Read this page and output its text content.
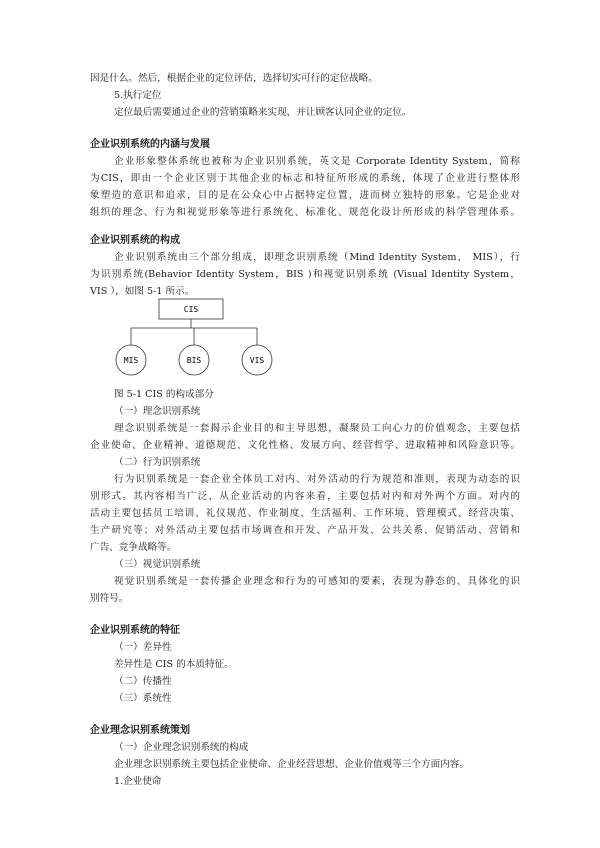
因是什么。然后，根据企业的定位评估，选择切实可行的定位战略。
5.执行定位
定位最后需要通过企业的营销策略来实现，并让顾客认同企业的定位。
企业识别系统的内涵与发展
企业形象整体系统也被称为企业识别系统，英文是 Corporate Identity System，简称
为CIS，即由一个企业区别于其他企业的标志和特征所形成的系统，体现了企业进行整体形
象塑造的意识和追求，目的是在公众心中占据特定位置，进而树立独特的形象。它是企业对
组织的理念、行为和视觉形象等进行系统化、标准化、规范化设计所形成的科学管理体系。
企业识别系统的构成
企业识别系统由三个部分组成，即理念识别系统（Mind Identity System， MIS），行
为识别系统(Behavior Identity System，BIS )和视觉识别系统 (Visual Identity System，
VIS ），如图 5-1 所示。
CIS
MIS	BIS	VIS
图 5-1 CIS 的构成部分
（一）理念识别系统
理念识别系统是一套揭示企业目的和主导思想，凝聚员工向心力的价值观念，主要包括
企业使命、企业精神、道德规范、文化性格、发展方向、经营哲学、进取精神和风险意识等。
（二）行为识别系统
行为识别系统是一套企业全体员工对内、对外活动的行为规范和准则，表现为动态的识
别形式。其内容相当广泛，从企业活动的内容来看，主要包括对内和对外两个方面。对内的
活动主要包括员工培训、礼仪规范、作业制度、生活福利、工作环境、管理模式、经营决策、
生产研究等；对外活动主要包括市场调查和开发、产品开发、公共关系、促销活动、营销和
广告、竞争战略等。
（三）视觉识别系统
视觉识别系统是一套传播企业理念和行为的可感知的要素，表现为静态的、具体化的识
别符号。
企业识别系统的特征
（一）差异性
差异性是 CIS 的本质特征。
（二）传播性
（三）系统性
企业理念识别系统策划
（一）企业理念识别系统的构成
企业理念识别系统主要包括企业使命、企业经营思想、企业价值观等三个方面内容。
1.企业使命
